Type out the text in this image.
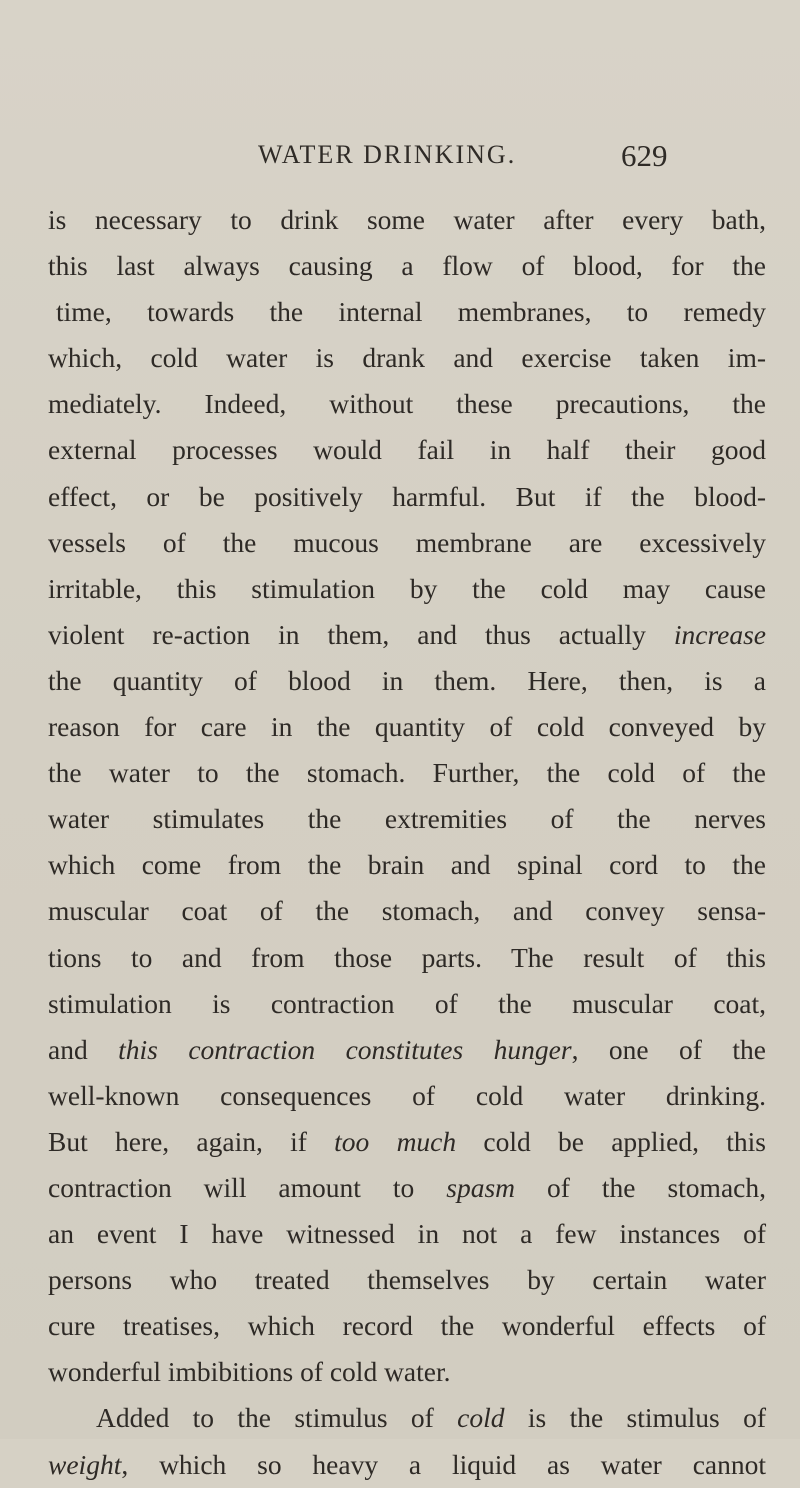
WATER DRINKING.	629
is necessary to drink some water after every bath,
this last always causing a flow of blood, for the
time, towards the internal membranes, to remedy
which, cold water is drank and exercise taken im-
mediately. Indeed, without these precautions, the
external processes would fail in half their good
effect, or be positively harmful. But if the blood-
vessels of the mucous membrane are excessively
irritable, this stimulation by the cold may cause
violent re-action in them, and thus actually increase
the quantity of blood in them. Here, then, is a
reason for care in the quantity of cold conveyed by
the water to the stomach. Further, the cold of the
water stimulates the extremities of the nerves
which come from the brain and spinal cord to the
muscular coat of the stomach, and convey sensa-
tions to and from those parts. The result of this
stimulation is contraction of the muscular coat,
and this contraction constitutes hunger, one of the
well-known consequences of cold water drinking.
But here, again, if too much cold be applied, this
contraction will amount to spasm of the stomach,
an event I have witnessed in not a few instances of
persons who treated themselves by certain water
cure treatises, which record the wonderful effects of
wonderful imbibitions of cold water.
Added to the stimulus of cold is the stimulus of
weight, which so heavy a liquid as water cannot
